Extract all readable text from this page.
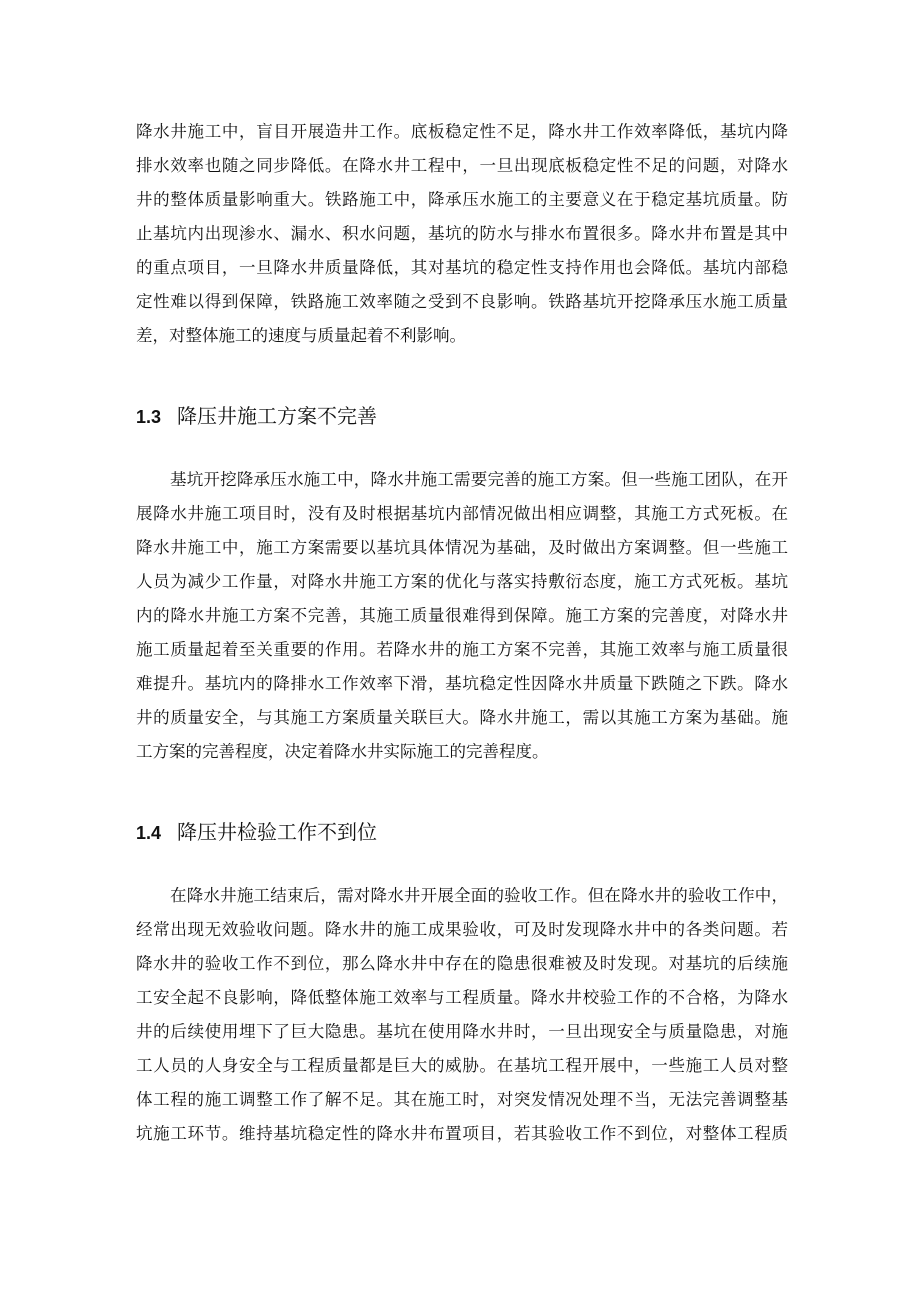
降水井施工中，盲目开展造井工作。底板稳定性不足，降水井工作效率降低，基坑内降
排水效率也随之同步降低。在降水井工程中，一旦出现底板稳定性不足的问题，对降水
井的整体质量影响重大。铁路施工中，降承压水施工的主要意义在于稳定基坑质量。防
止基坑内出现渗水、漏水、积水问题，基坑的防水与排水布置很多。降水井布置是其中
的重点项目，一旦降水井质量降低，其对基坑的稳定性支持作用也会降低。基坑内部稳
定性难以得到保障，铁路施工效率随之受到不良影响。铁路基坑开挖降承压水施工质量
差，对整体施工的速度与质量起着不利影响。
1.3 降压井施工方案不完善
基坑开挖降承压水施工中，降水井施工需要完善的施工方案。但一些施工团队，在开
展降水井施工项目时，没有及时根据基坑内部情况做出相应调整，其施工方式死板。在
降水井施工中，施工方案需要以基坑具体情况为基础，及时做出方案调整。但一些施工
人员为减少工作量，对降水井施工方案的优化与落实持敷衍态度，施工方式死板。基坑
内的降水井施工方案不完善，其施工质量很难得到保障。施工方案的完善度，对降水井
施工质量起着至关重要的作用。若降水井的施工方案不完善，其施工效率与施工质量很
难提升。基坑内的降排水工作效率下滑，基坑稳定性因降水井质量下跌随之下跌。降水
井的质量安全，与其施工方案质量关联巨大。降水井施工，需以其施工方案为基础。施
工方案的完善程度，决定着降水井实际施工的完善程度。
1.4 降压井检验工作不到位
在降水井施工结束后，需对降水井开展全面的验收工作。但在降水井的验收工作中，
经常出现无效验收问题。降水井的施工成果验收，可及时发现降水井中的各类问题。若
降水井的验收工作不到位，那么降水井中存在的隐患很难被及时发现。对基坑的后续施
工安全起不良影响，降低整体施工效率与工程质量。降水井校验工作的不合格，为降水
井的后续使用埋下了巨大隐患。基坑在使用降水井时，一旦出现安全与质量隐患，对施
工人员的人身安全与工程质量都是巨大的威胁。在基坑工程开展中，一些施工人员对整
体工程的施工调整工作了解不足。其在施工时，对突发情况处理不当，无法完善调整基
坑施工环节。维持基坑稳定性的降水井布置项目，若其验收工作不到位，对整体工程质
